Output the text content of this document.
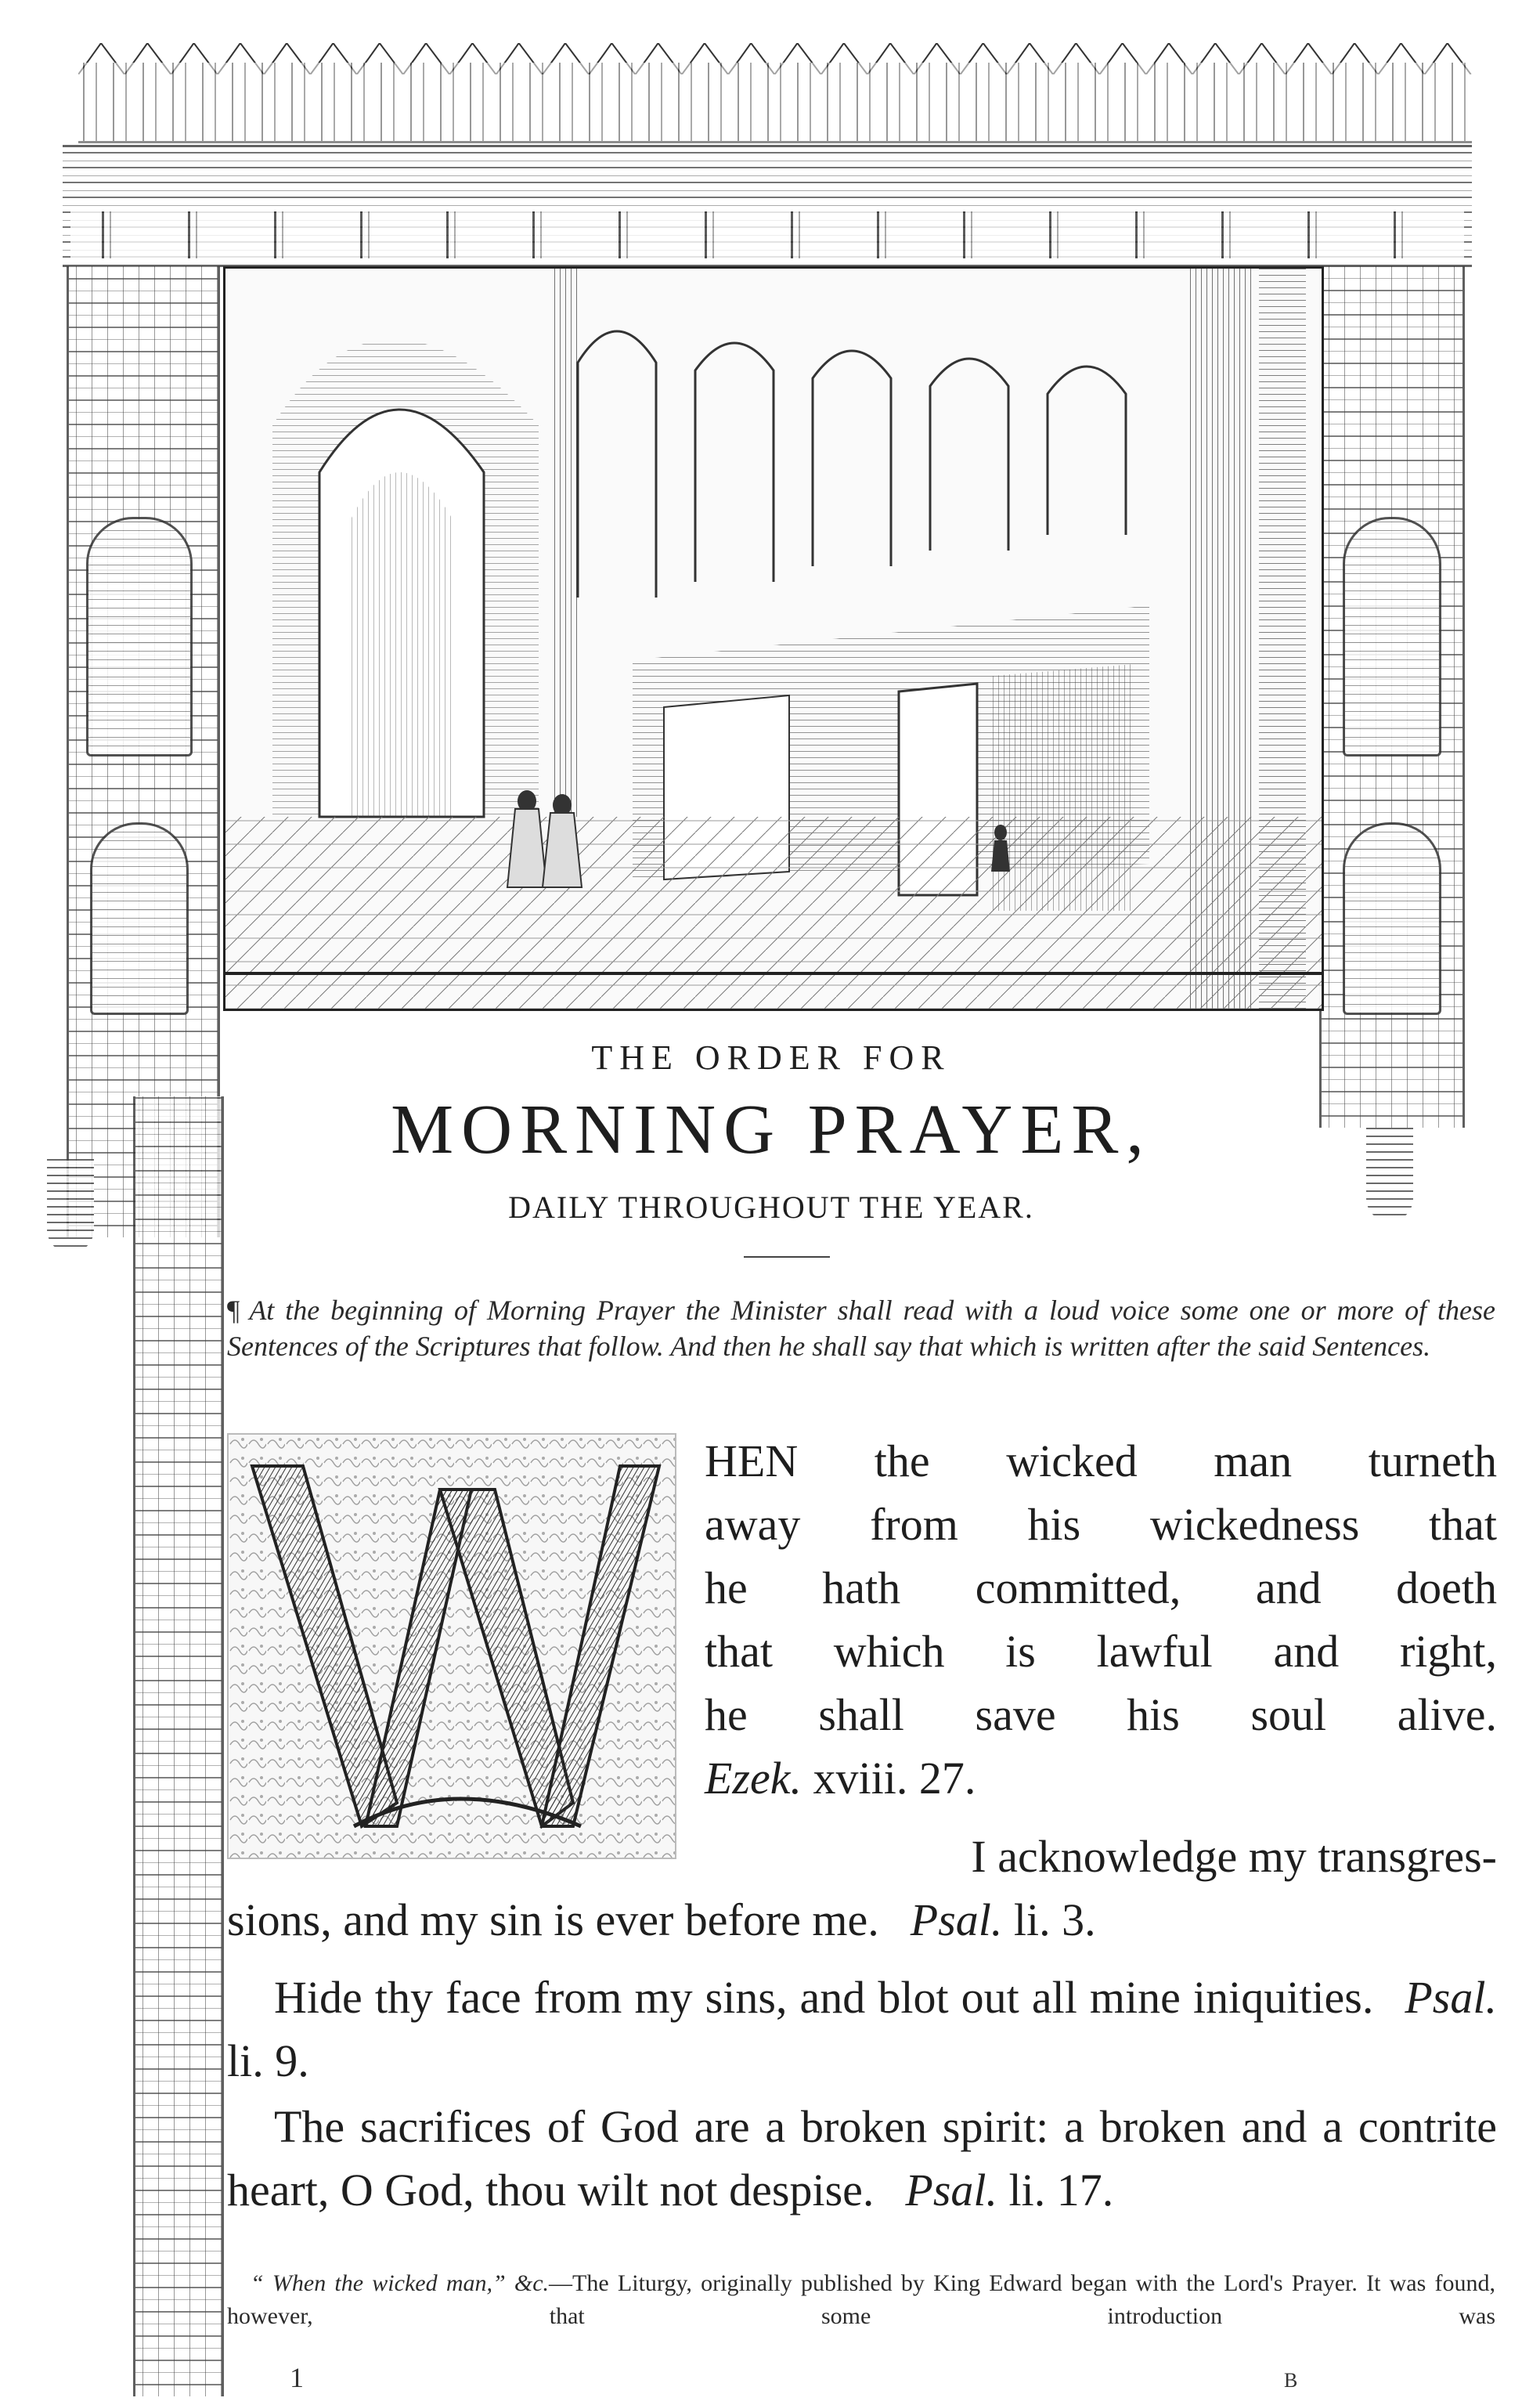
THE ORDER FOR

MORNING PRAYER,

DAILY THROUGHOUT THE YEAR.

¶ At the beginning of Morning Prayer the Minister shall read with a loud voice some one or more of these Sentences of the Scriptures that follow. And then he shall say that which is written after the said Sentences.
HEN the wicked man turneth
away from his wickedness that
he hath committed, and doeth
that which is lawful and right,
he shall save his soul alive.
Ezek. xviii. 27.
I acknowledge my transgres-
sions, and my sin is ever before me. Psal. li. 3.
Hide thy face from my sins, and blot out all mine iniquities. Psal. li. 9.
The sacrifices of God are a broken spirit: a broken and a contrite heart, O God, thou wilt not despise. Psal. li. 17.
“ When the wicked man,” &c.—The Liturgy, originally published by King Edward began with the Lord's Prayer. It was found, however, that some introduction was
1	B
